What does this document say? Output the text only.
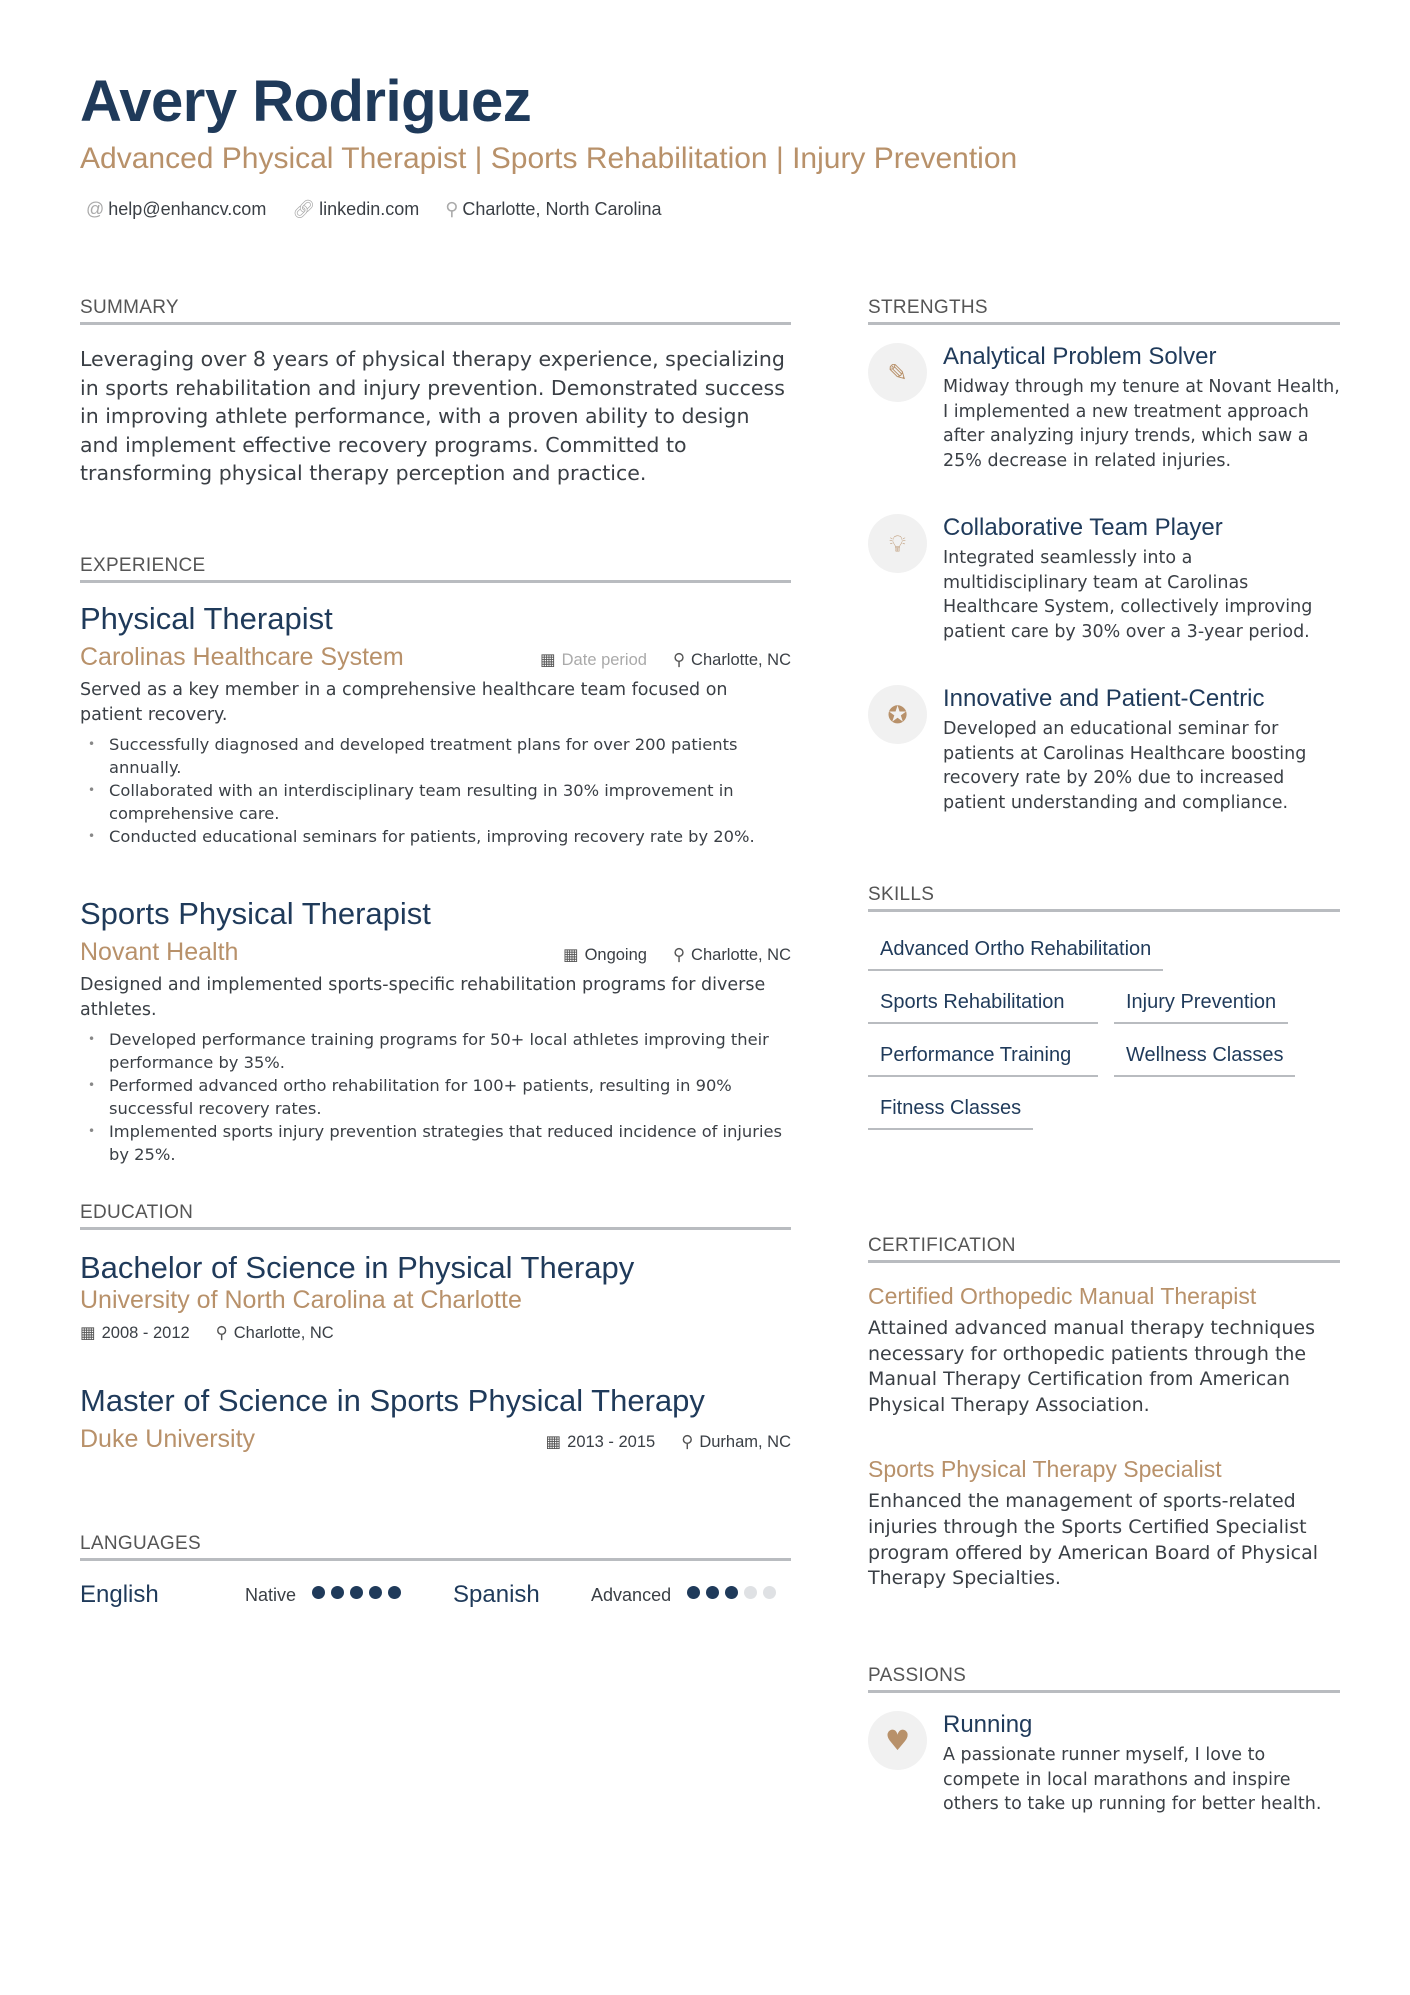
Avery Rodriguez
Advanced Physical Therapist | Sports Rehabilitation | Injury Prevention
@ help@enhancv.com 🔗︎ linkedin.com ⚲ Charlotte, North Carolina
SUMMARY
Leveraging over 8 years of physical therapy experience, specializing in sports rehabilitation and injury prevention. Demonstrated success in improving athlete performance, with a proven ability to design and implement effective recovery programs. Committed to transforming physical therapy perception and practice.
EXPERIENCE
Physical Therapist
Carolinas Healthcare System	▦ Date period ⚲ Charlotte, NC
Served as a key member in a comprehensive healthcare team focused on patient recovery.
• Successfully diagnosed and developed treatment plans for over 200 patients annually.
• Collaborated with an interdisciplinary team resulting in 30% improvement in comprehensive care.
• Conducted educational seminars for patients, improving recovery rate by 20%.
Sports Physical Therapist
Novant Health	▦ Ongoing ⚲ Charlotte, NC
Designed and implemented sports-specific rehabilitation programs for diverse athletes.
• Developed performance training programs for 50+ local athletes improving their performance by 35%.
• Performed advanced ortho rehabilitation for 100+ patients, resulting in 90% successful recovery rates.
• Implemented sports injury prevention strategies that reduced incidence of injuries by 25%.
EDUCATION
Bachelor of Science in Physical Therapy
University of North Carolina at Charlotte
▦ 2008 - 2012 ⚲ Charlotte, NC
Master of Science in Sports Physical Therapy
Duke University	▦ 2013 - 2015 ⚲ Durham, NC
LANGUAGES
English	Native	Spanish	Advanced
STRENGTHS
✎
Analytical Problem Solver
Midway through my tenure at Novant Health, I implemented a new treatment approach after analyzing injury trends, which saw a 25% decrease in related injuries.
💡︎
Collaborative Team Player
Integrated seamlessly into a multidisciplinary team at Carolinas Healthcare System, collectively improving patient care by 30% over a 3-year period.
✪
Innovative and Patient-Centric
Developed an educational seminar for patients at Carolinas Healthcare boosting recovery rate by 20% due to increased patient understanding and compliance.
SKILLS
Advanced Ortho Rehabilitation
Sports Rehabilitation	Injury Prevention
Performance Training	Wellness Classes
Fitness Classes
CERTIFICATION
Certified Orthopedic Manual Therapist
Attained advanced manual therapy techniques necessary for orthopedic patients through the Manual Therapy Certification from American Physical Therapy Association.
Sports Physical Therapy Specialist
Enhanced the management of sports-related injuries through the Sports Certified Specialist program offered by American Board of Physical Therapy Specialties.
PASSIONS
♥	Running
A passionate runner myself, I love to compete in local marathons and inspire others to take up running for better health.
